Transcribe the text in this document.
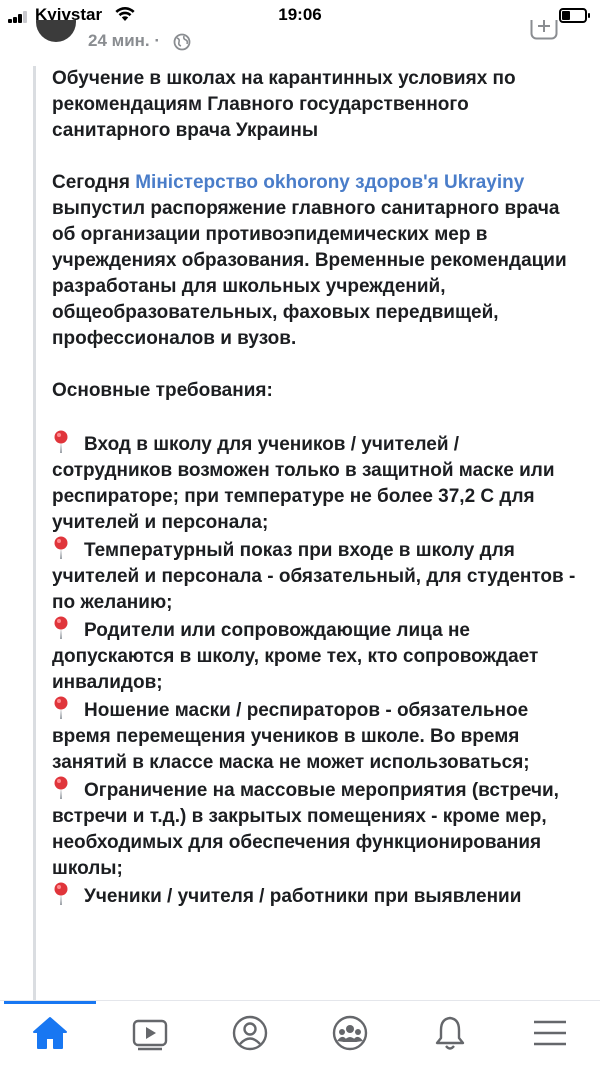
Kyivstar	19:06
24 мин. ·

Обучение в школах на карантинных условиях по рекомендациям Главного государственного санитарного врача Украины

Сегодня Міністерство okhorony здоров'я Ukrayiny выпустил распоряжение главного санитарного врача об организации противоэпидемических мер в учреждениях образования. Временные рекомендации разработаны для школьных учреждений, общеобразовательных, фаховых передвищей, профессионалов и вузов.

Основные требования:

Вход в школу для учеников / учителей / сотрудников возможен только в защитной маске или респираторе; при температуре не более 37,2 С для учителей и персонала;

Температурный показ при входе в школу для учителей и персонала - обязательный, для студентов - по желанию;

Родители или сопровождающие лица не допускаются в школу, кроме тех, кто сопровождает инвалидов;

Ношение маски / респираторов - обязательное время перемещения учеников в школе. Во время занятий в классе маска не может использоваться;

Ограничение на массовые мероприятия (встречи, встречи и т.д.) в закрытых помещениях - кроме мер, необходимых для обеспечения функционирования школы;

Ученики / учителя / работники при выявлении
